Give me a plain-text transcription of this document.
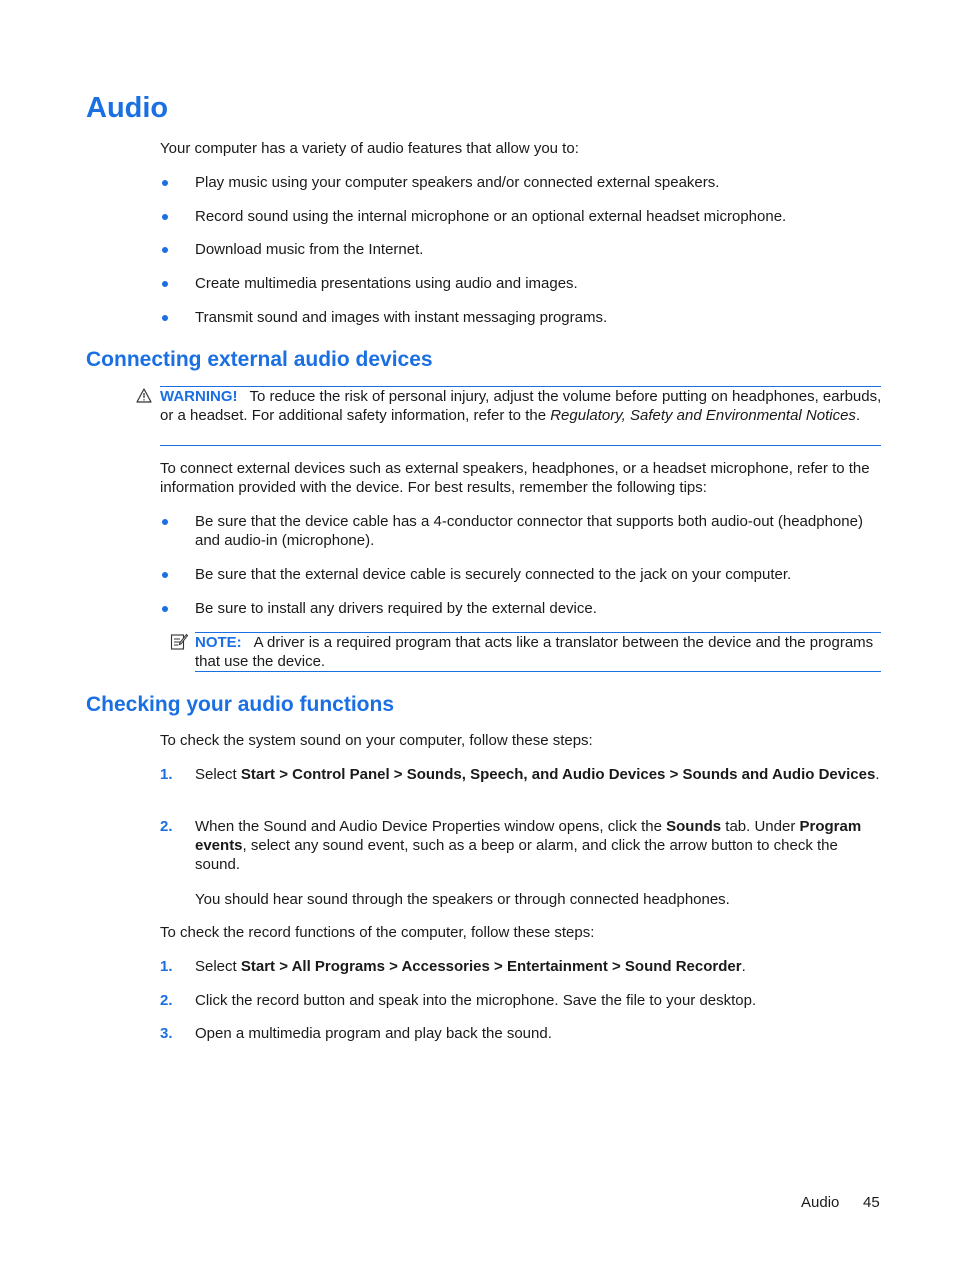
Audio
Your computer has a variety of audio features that allow you to:
Play music using your computer speakers and/or connected external speakers.
Record sound using the internal microphone or an optional external headset microphone.
Download music from the Internet.
Create multimedia presentations using audio and images.
Transmit sound and images with instant messaging programs.
Connecting external audio devices
WARNING! To reduce the risk of personal injury, adjust the volume before putting on headphones, earbuds, or a headset. For additional safety information, refer to the Regulatory, Safety and Environmental Notices.
To connect external devices such as external speakers, headphones, or a headset microphone, refer to the information provided with the device. For best results, remember the following tips:
Be sure that the device cable has a 4-conductor connector that supports both audio-out (headphone) and audio-in (microphone).
Be sure that the external device cable is securely connected to the jack on your computer.
Be sure to install any drivers required by the external device.
NOTE: A driver is a required program that acts like a translator between the device and the programs that use the device.
Checking your audio functions
To check the system sound on your computer, follow these steps:
1. Select Start > Control Panel > Sounds, Speech, and Audio Devices > Sounds and Audio Devices.
2. When the Sound and Audio Device Properties window opens, click the Sounds tab. Under Program events, select any sound event, such as a beep or alarm, and click the arrow button to check the sound.
You should hear sound through the speakers or through connected headphones.
To check the record functions of the computer, follow these steps:
1. Select Start > All Programs > Accessories > Entertainment > Sound Recorder.
2. Click the record button and speak into the microphone. Save the file to your desktop.
3. Open a multimedia program and play back the sound.
Audio 45
